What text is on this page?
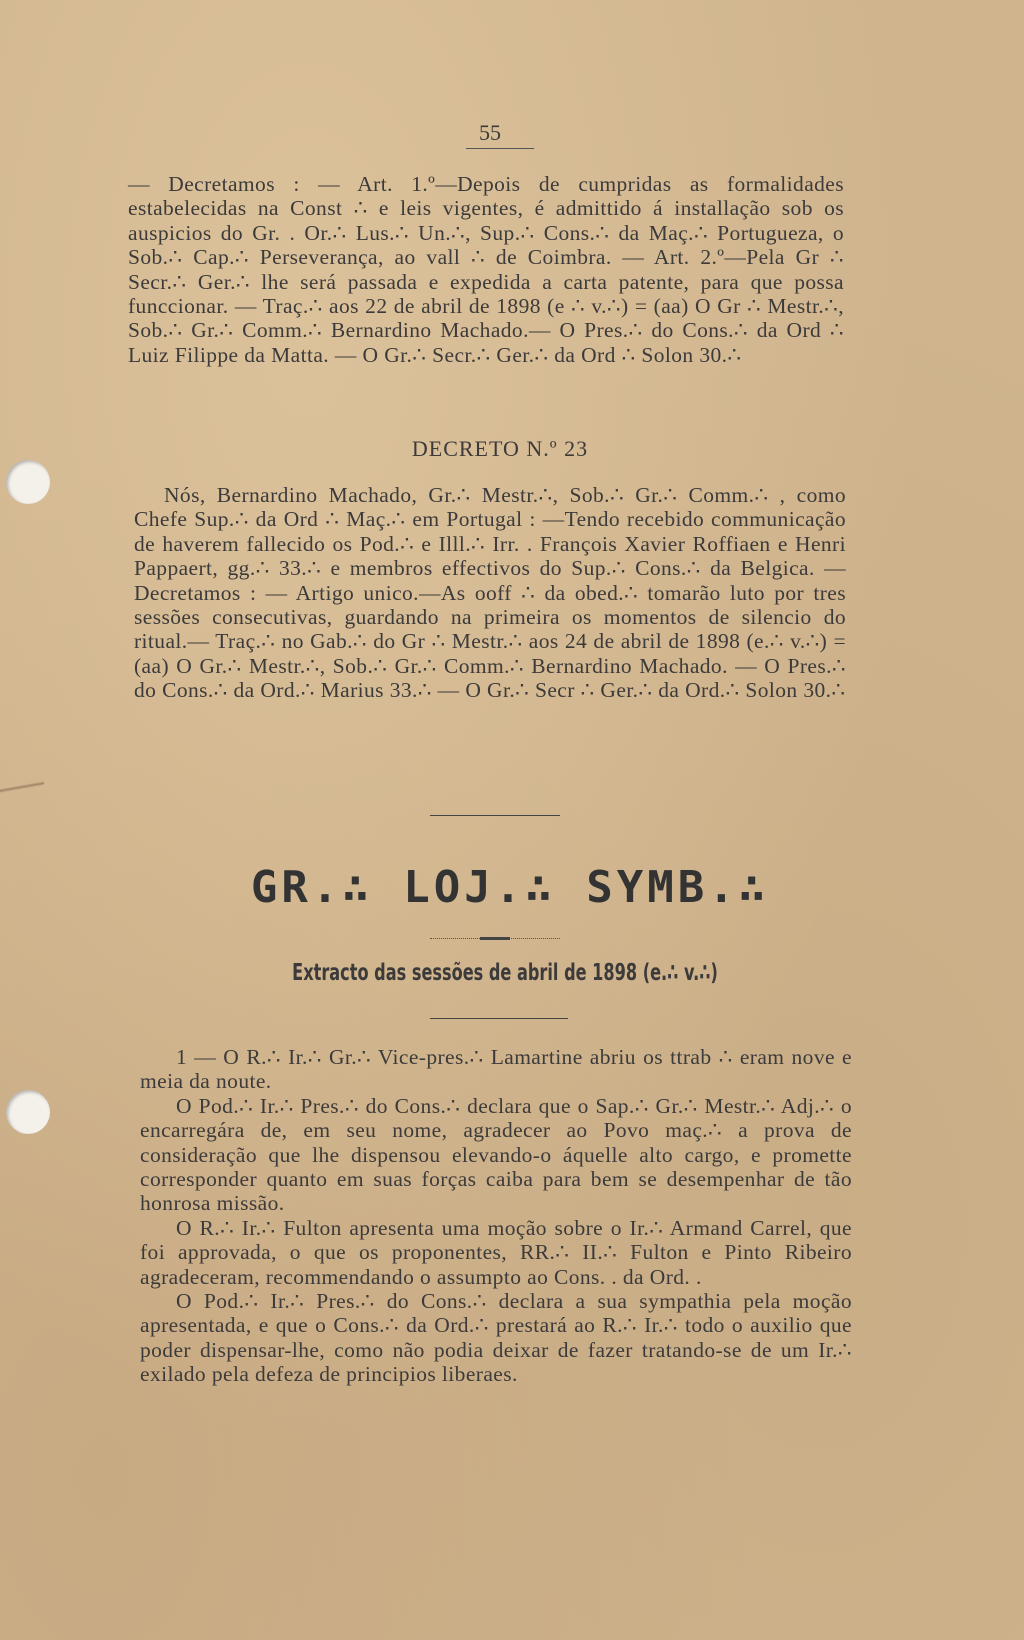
55

— Decretamos : — Art. 1.º—Depois de cumpridas as formalidades estabelecidas na Const ∴ e leis vigentes, é admittido á installação sob os auspicios do Gr. . Or.∴ Lus.∴ Un.∴, Sup.∴ Cons.∴ da Maç.∴ Portugueza, o Sob.∴ Cap.∴ Perseverança, ao vall ∴ de Coimbra. — Art. 2.º—Pela Gr ∴ Secr.∴ Ger.∴ lhe será passada e expedida a carta patente, para que possa funccionar. — Traç.∴ aos 22 de abril de 1898 (e ∴ v.∴) = (aa) O Gr ∴ Mestr.∴, Sob.∴ Gr.∴ Comm.∴ Bernardino Machado.— O Pres.∴ do Cons.∴ da Ord ∴ Luiz Filippe da Matta. — O Gr.∴ Secr.∴ Ger.∴ da Ord ∴ Solon 30.∴

DECRETO N.º 23

Nós, Bernardino Machado, Gr.∴ Mestr.∴, Sob.∴ Gr.∴ Comm.∴ , como Chefe Sup.∴ da Ord ∴ Maç.∴ em Portugal : —Tendo recebido communicação de haverem fallecido os Pod.∴ e Illl.∴ Irr. . François Xavier Roffiaen e Henri Pappaert, gg.∴ 33.∴ e membros effectivos do Sup.∴ Cons.∴ da Belgica. — Decretamos : — Artigo unico.—As ooff ∴ da obed.∴ tomarão luto por tres sessões consecutivas, guardando na primeira os momentos de silencio do ritual.— Traç.∴ no Gab.∴ do Gr ∴ Mestr.∴ aos 24 de abril de 1898 (e.∴ v.∴) = (aa) O Gr.∴ Mestr.∴, Sob.∴ Gr.∴ Comm.∴ Bernardino Machado. — O Pres.∴ do Cons.∴ da Ord.∴ Marius 33.∴ — O Gr.∴ Secr ∴ Ger.∴ da Ord.∴ Solon 30.∴

GR.∴ LOJ.∴ SYMB.∴
Extracto das sessões de abril de 1898 (e.∴ v.∴)

1 — O R.∴ Ir.∴ Gr.∴ Vice-pres.∴ Lamartine abriu os ttrab ∴ eram nove e meia da noute.

O Pod.∴ Ir.∴ Pres.∴ do Cons.∴ declara que o Sap.∴ Gr.∴ Mestr.∴ Adj.∴ o encarregára de, em seu nome, agradecer ao Povo maç.∴ a prova de consideração que lhe dispensou elevando-o áquelle alto cargo, e promette corresponder quanto em suas forças caiba para bem se desempenhar de tão honrosa missão.

O R.∴ Ir.∴ Fulton apresenta uma moção sobre o Ir.∴ Armand Carrel, que foi approvada, o que os proponentes, RR.∴ II.∴ Fulton e Pinto Ribeiro agradeceram, recommendando o assumpto ao Cons. . da Ord. .

O Pod.∴ Ir.∴ Pres.∴ do Cons.∴ declara a sua sympathia pela moção apresentada, e que o Cons.∴ da Ord.∴ prestará ao R.∴ Ir.∴ todo o auxilio que poder dispensar-lhe, como não podia deixar de fazer tratando-se de um Ir.∴ exilado pela defeza de principios liberaes.
